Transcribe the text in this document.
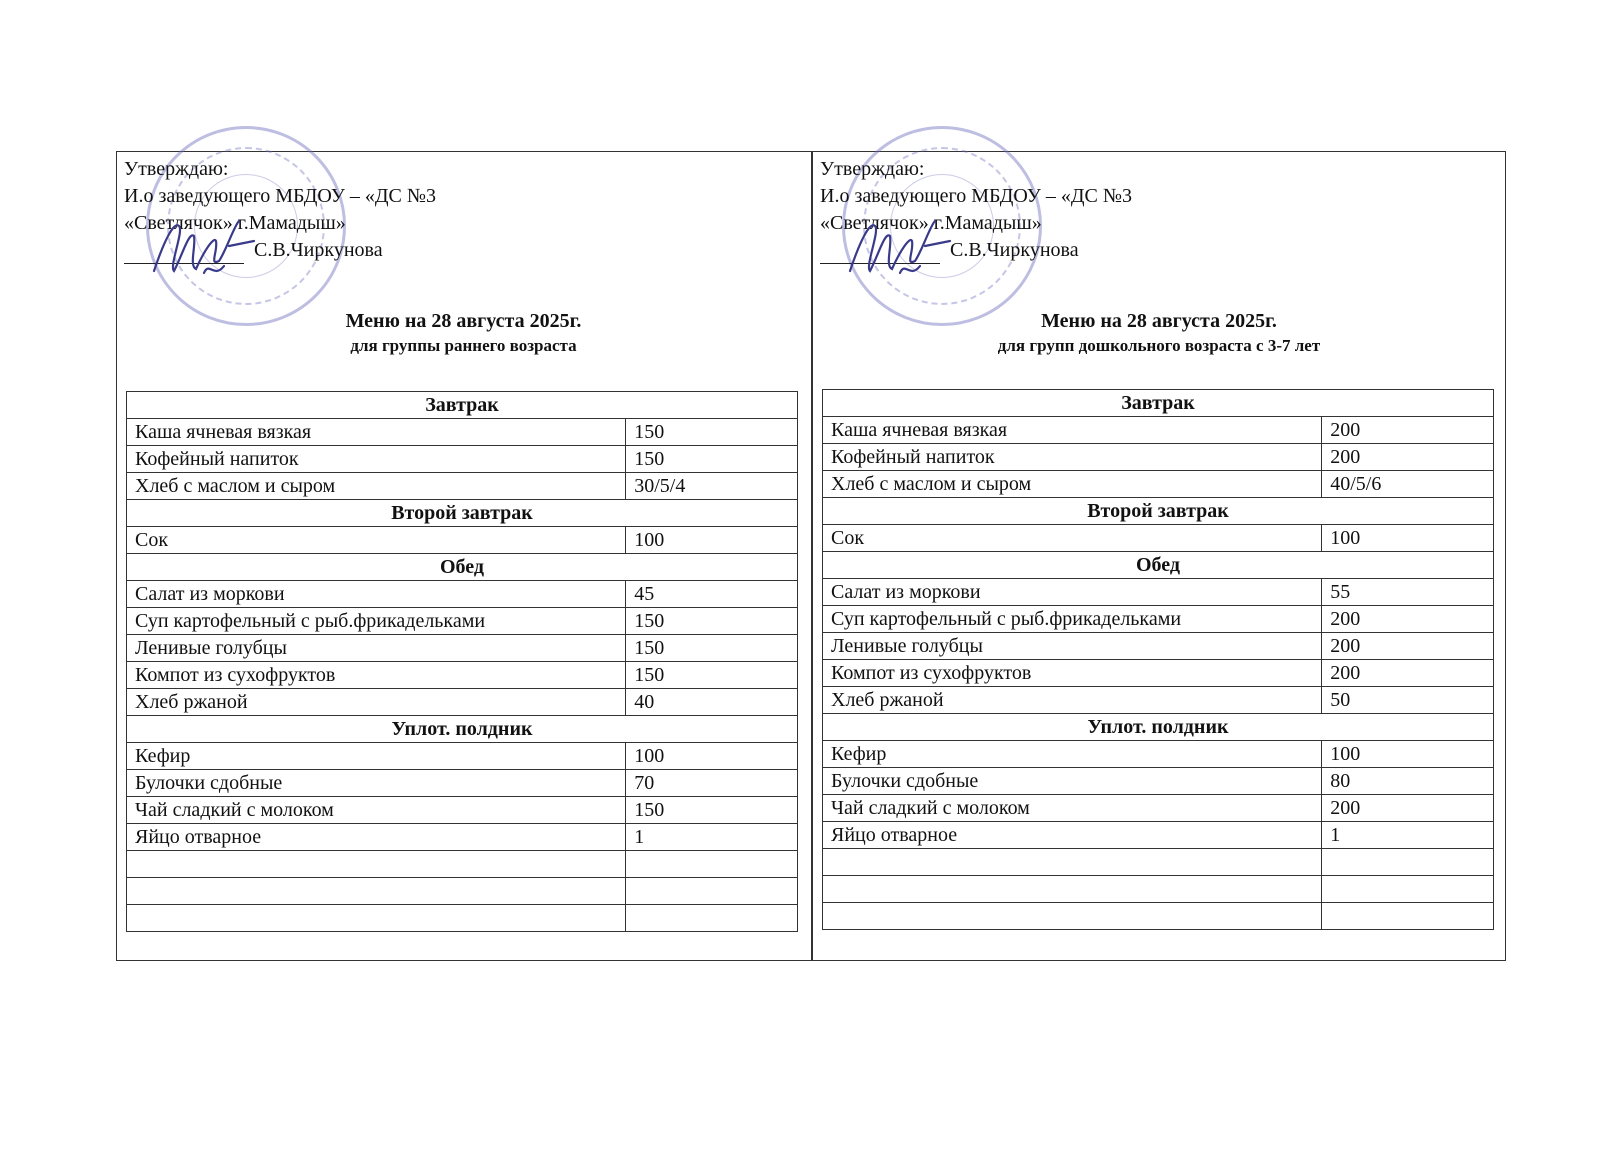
Утверждаю:
И.о заведующего МБДОУ – «ДС №3
«Светлячок» г.Мамадыш»
С.В.Чиркунова
Меню на 28 августа 2025г.
для группы раннего возраста
Завтрак	
Каша ячневая вязкая	150
Кофейный напиток	150
Хлеб с маслом и сыром	30/5/4
Второй завтрак	
Сок	100
Обед	
Салат из моркови	45
Суп картофельный с рыб.фрикадельками	150
Ленивые голубцы	150
Компот из сухофруктов	150
Хлеб ржаной	40
Уплот. полдник	
Кефир	100
Булочки сдобные	70
Чай сладкий с молоком	150
Яйцо отварное	1

Утверждаю:
И.о заведующего МБДОУ – «ДС №3
«Светлячок» г.Мамадыш»
С.В.Чиркунова
Меню на 28 августа 2025г.
для групп дошкольного возраста с 3-7 лет
Завтрак	
Каша ячневая вязкая	200
Кофейный напиток	200
Хлеб с маслом и сыром	40/5/6
Второй завтрак	
Сок	100
Обед	
Салат из моркови	55
Суп картофельный с рыб.фрикадельками	200
Ленивые голубцы	200
Компот из сухофруктов	200
Хлеб ржаной	50
Уплот. полдник	
Кефир	100
Булочки сдобные	80
Чай сладкий с молоком	200
Яйцо отварное	1
